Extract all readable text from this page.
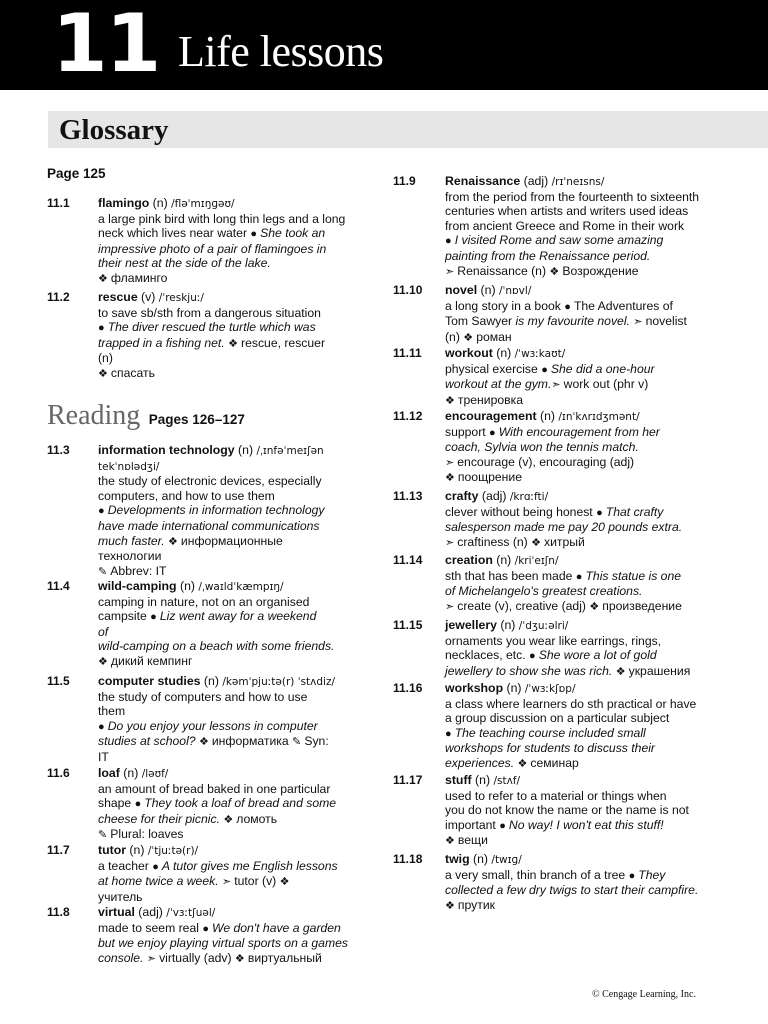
11 Life lessons
Glossary
Page 125
Reading Pages 126–127
11.1 flamingo (n) /fləˈmɪŋɡəʊ/
a large pink bird with long thin legs and a long
neck which lives near water ● She took an
impressive photo of a pair of flamingoes in
their nest at the side of the lake.
❖ фламинго
11.2 rescue (v) /ˈreskjuː/
to save sb/sth from a dangerous situation
● The diver rescued the turtle which was
trapped in a fishing net. ❖ rescue, rescuer
(n)
❖ спасать
11.3 information technology (n) /ˌɪnfəˈmeɪʃən
tekˈnɒlədʒi/
the study of electronic devices, especially
computers, and how to use them
● Developments in information technology
have made international communications
much faster. ❖ информационные
технологии
✎ Abbrev: IT
11.4 wild-camping (n) /ˌwaɪldˈkæmpɪŋ/
camping in nature, not on an organised
campsite ● Liz went away for a weekend
of
wild-camping on a beach with some friends.
❖ дикий кемпинг
11.5 computer studies (n) /kəmˈpjuːtə(r) ˈstʌdiz/
the study of computers and how to use
them
● Do you enjoy your lessons in computer
studies at school? ❖ информатика ✎ Syn:
IT
11.6 loaf (n) /ləʊf/
an amount of bread baked in one particular
shape ● They took a loaf of bread and some
cheese for their picnic. ❖ ломоть
✎ Plural: loaves
11.7 tutor (n) /ˈtjuːtə(r)/
a teacher ● A tutor gives me English lessons
at home twice a week. ➣ tutor (v) ❖
учитель
11.8 virtual (adj) /ˈvɜːtʃuəl/
made to seem real ● We don't have a garden
but we enjoy playing virtual sports on a games
console. ➣ virtually (adv) ❖ виртуальный
11.9 Renaissance (adj) /rɪˈneɪsns/
from the period from the fourteenth to sixteenth
centuries when artists and writers used ideas
from ancient Greece and Rome in their work
● I visited Rome and saw some amazing
painting from the Renaissance period.
➣ Renaissance (n) ❖ Возрождение
11.10 novel (n) /ˈnɒvl/
a long story in a book ● The Adventures of
Tom Sawyer is my favourite novel. ➣ novelist
(n) ❖ роман
11.11 workout (n) /ˈwɜːkaʊt/
physical exercise ● She did a one-hour
workout at the gym.➣ work out (phr v)
❖ тренировка
11.12 encouragement (n) /ɪnˈkʌrɪdʒmənt/
support ● With encouragement from her
coach, Sylvia won the tennis match.
➣ encourage (v), encouraging (adj)
❖ поощрение
11.13 crafty (adj) /krɑːfti/
clever without being honest ● That crafty
salesperson made me pay 20 pounds extra.
➣ craftiness (n) ❖ хитрый
11.14 creation (n) /kriˈeɪʃn/
sth that has been made ● This statue is one
of Michelangelo's greatest creations.
➣ create (v), creative (adj) ❖ произведение
11.15 jewellery (n) /ˈdʒuːəlri/
ornaments you wear like earrings, rings,
necklaces, etc. ● She wore a lot of gold
jewellery to show she was rich. ❖ украшения
11.16 workshop (n) /ˈwɜːkʃɒp/
a class where learners do sth practical or have
a group discussion on a particular subject
● The teaching course included small
workshops for students to discuss their
experiences. ❖ семинар
11.17 stuff (n) /stʌf/
used to refer to a material or things when
you do not know the name or the name is not
important ● No way! I won't eat this stuff!
❖ вещи
11.18 twig (n) /twɪɡ/
a very small, thin branch of a tree ● They
collected a few dry twigs to start their campfire.
❖ прутик
© Cengage Learning, Inc.
